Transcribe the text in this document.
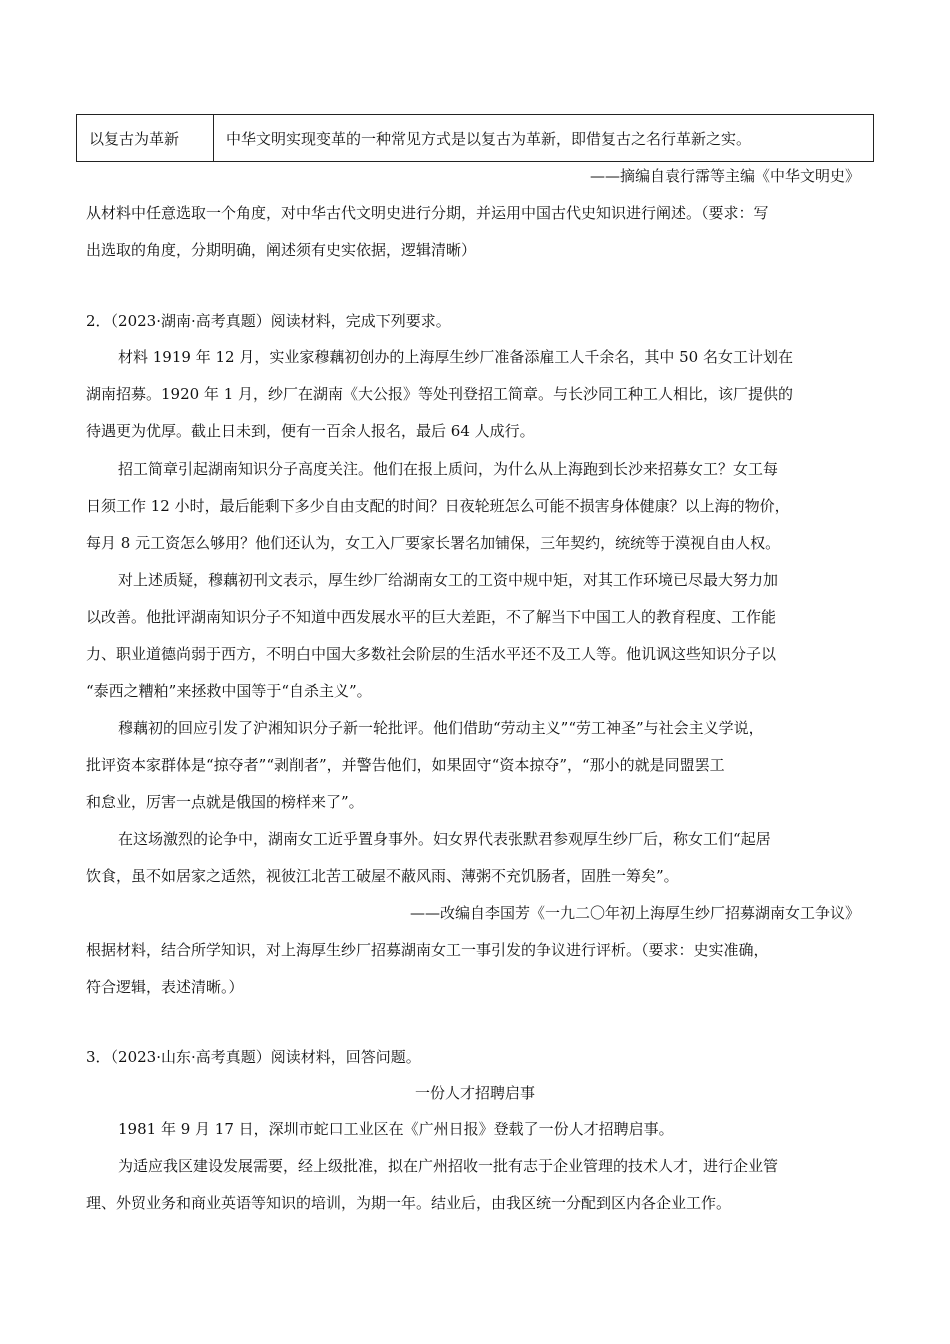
以复古为革新	中华文明实现变革的一种常见方式是以复古为革新，即借复古之名行革新之实。
——摘编自袁行霈等主编《中华文明史》
从材料中任意选取一个角度，对中华古代文明史进行分期，并运用中国古代史知识进行阐述。（要求：写
出选取的角度，分期明确，阐述须有史实依据，逻辑清晰）
2．（2023·湖南·高考真题）阅读材料，完成下列要求。
材料 1919 年 12 月，实业家穆藕初创办的上海厚生纱厂准备添雇工人千余名，其中 50 名女工计划在
湖南招募。1920 年 1 月，纱厂在湖南《大公报》等处刊登招工简章。与长沙同工种工人相比，该厂提供的
待遇更为优厚。截止日未到，便有一百余人报名，最后 64 人成行。
招工简章引起湖南知识分子高度关注。他们在报上质问，为什么从上海跑到长沙来招募女工？女工每
日须工作 12 小时，最后能剩下多少自由支配的时间？日夜轮班怎么可能不损害身体健康？以上海的物价，
每月 8 元工资怎么够用？他们还认为，女工入厂要家长署名加铺保，三年契约，统统等于漠视自由人权。
对上述质疑，穆藕初刊文表示，厚生纱厂给湖南女工的工资中规中矩，对其工作环境已尽最大努力加
以改善。他批评湖南知识分子不知道中西发展水平的巨大差距，不了解当下中国工人的教育程度、工作能
力、职业道德尚弱于西方，不明白中国大多数社会阶层的生活水平还不及工人等。他讥讽这些知识分子以
“泰西之糟粕”来拯救中国等于“自杀主义”。
穆藕初的回应引发了沪湘知识分子新一轮批评。他们借助“劳动主义”“劳工神圣”与社会主义学说，
批评资本家群体是“掠夺者”“剥削者”，并警告他们，如果固守“资本掠夺”，“那小的就是同盟罢工
和怠业，厉害一点就是俄国的榜样来了”。
在这场激烈的论争中，湖南女工近乎置身事外。妇女界代表张默君参观厚生纱厂后，称女工们“起居
饮食，虽不如居家之适然，视彼江北苦工破屋不蔽风雨、薄粥不充饥肠者，固胜一筹矣”。
——改编自李国芳《一九二〇年初上海厚生纱厂招募湖南女工争议》
根据材料，结合所学知识，对上海厚生纱厂招募湖南女工一事引发的争议进行评析。（要求：史实准确，
符合逻辑，表述清晰。）
3．（2023·山东·高考真题）阅读材料，回答问题。
一份人才招聘启事
1981 年 9 月 17 日，深圳市蛇口工业区在《广州日报》登载了一份人才招聘启事。
为适应我区建设发展需要，经上级批准，拟在广州招收一批有志于企业管理的技术人才，进行企业管
理、外贸业务和商业英语等知识的培训，为期一年。结业后，由我区统一分配到区内各企业工作。
